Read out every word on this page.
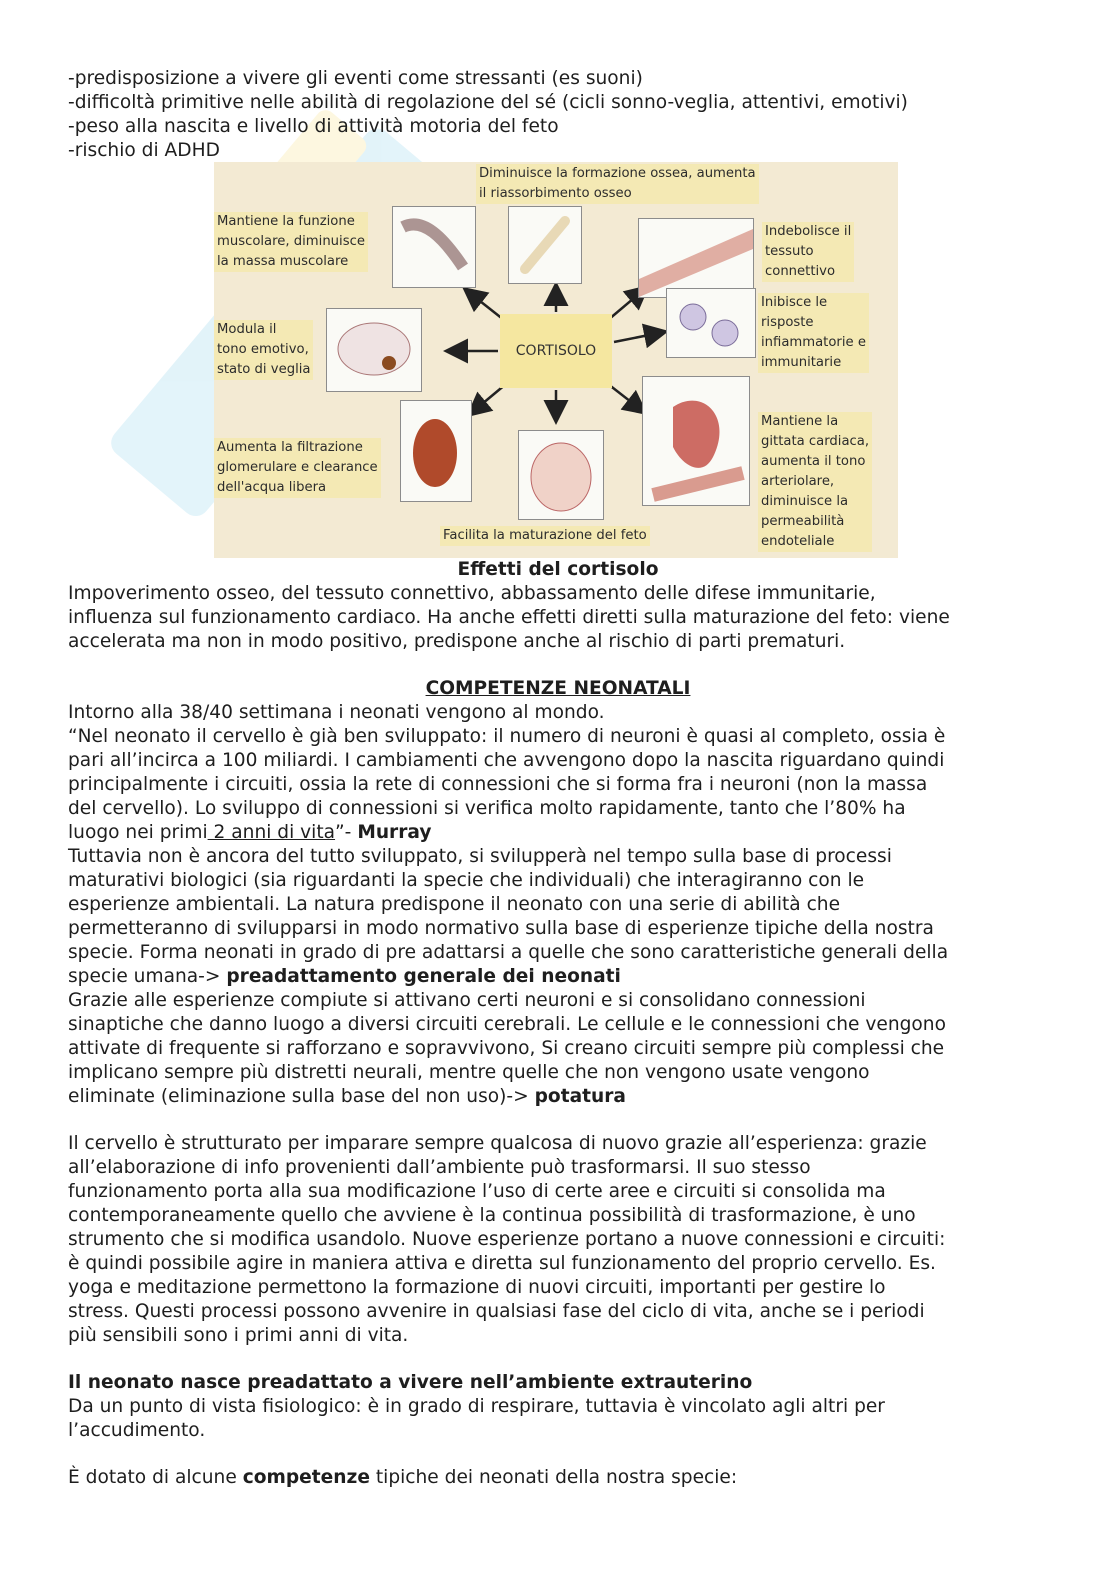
-predisposizione a vivere gli eventi come stressanti (es suoni)
-difficoltà primitive nelle abilità di regolazione del sé (cicli sonno-veglia, attentivi, emotivi)
-peso alla nascita e livello di attività motoria del feto
-rischio di ADHD
CORTISOLO
Diminuisce la formazione ossea, aumenta
il riassorbimento osseo
Mantiene la funzione
muscolare, diminuisce
la massa muscolare
Indebolisce il
tessuto
connettivo
Inibisce le
risposte
infiammatorie e
immunitarie
Modula il
tono emotivo,
stato di veglia
Aumenta la filtrazione
glomerulare e clearance
dell'acqua libera
Mantiene la
gittata cardiaca,
aumenta il tono
arteriolare,
diminuisce la
permeabilità
endoteliale
Facilita la maturazione del feto
Effetti del cortisolo
Impoverimento osseo, del tessuto connettivo, abbassamento delle difese immunitarie,
influenza sul funzionamento cardiaco. Ha anche effetti diretti sulla maturazione del feto: viene
accelerata ma non in modo positivo, predispone anche al rischio di parti prematuri.
COMPETENZE NEONATALI
Intorno alla 38/40 settimana i neonati vengono al mondo.
“Nel neonato il cervello è già ben sviluppato: il numero di neuroni è quasi al completo, ossia è
pari all’incirca a 100 miliardi. I cambiamenti che avvengono dopo la nascita riguardano quindi
principalmente i circuiti, ossia la rete di connessioni che si forma fra i neuroni (non la massa
del cervello). Lo sviluppo di connessioni si verifica molto rapidamente, tanto che l’80% ha
luogo nei primi 2 anni di vita”- Murray
Tuttavia non è ancora del tutto sviluppato, si svilupperà nel tempo sulla base di processi
maturativi biologici (sia riguardanti la specie che individuali) che interagiranno con le
esperienze ambientali. La natura predispone il neonato con una serie di abilità che
permetteranno di svilupparsi in modo normativo sulla base di esperienze tipiche della nostra
specie. Forma neonati in grado di pre adattarsi a quelle che sono caratteristiche generali della
specie umana-> preadattamento generale dei neonati
Grazie alle esperienze compiute si attivano certi neuroni e si consolidano connessioni
sinaptiche che danno luogo a diversi circuiti cerebrali. Le cellule e le connessioni che vengono
attivate di frequente si rafforzano e sopravvivono, Si creano circuiti sempre più complessi che
implicano sempre più distretti neurali, mentre quelle che non vengono usate vengono
eliminate (eliminazione sulla base del non uso)-> potatura
Il cervello è strutturato per imparare sempre qualcosa di nuovo grazie all’esperienza: grazie
all’elaborazione di info provenienti dall’ambiente può trasformarsi. Il suo stesso
funzionamento porta alla sua modificazione l’uso di certe aree e circuiti si consolida ma
contemporaneamente quello che avviene è la continua possibilità di trasformazione, è uno
strumento che si modifica usandolo. Nuove esperienze portano a nuove connessioni e circuiti:
è quindi possibile agire in maniera attiva e diretta sul funzionamento del proprio cervello. Es.
yoga e meditazione permettono la formazione di nuovi circuiti, importanti per gestire lo
stress. Questi processi possono avvenire in qualsiasi fase del ciclo di vita, anche se i periodi
più sensibili sono i primi anni di vita.
Il neonato nasce preadattato a vivere nell’ambiente extrauterino
Da un punto di vista fisiologico: è in grado di respirare, tuttavia è vincolato agli altri per
l’accudimento.
È dotato di alcune competenze tipiche dei neonati della nostra specie:
